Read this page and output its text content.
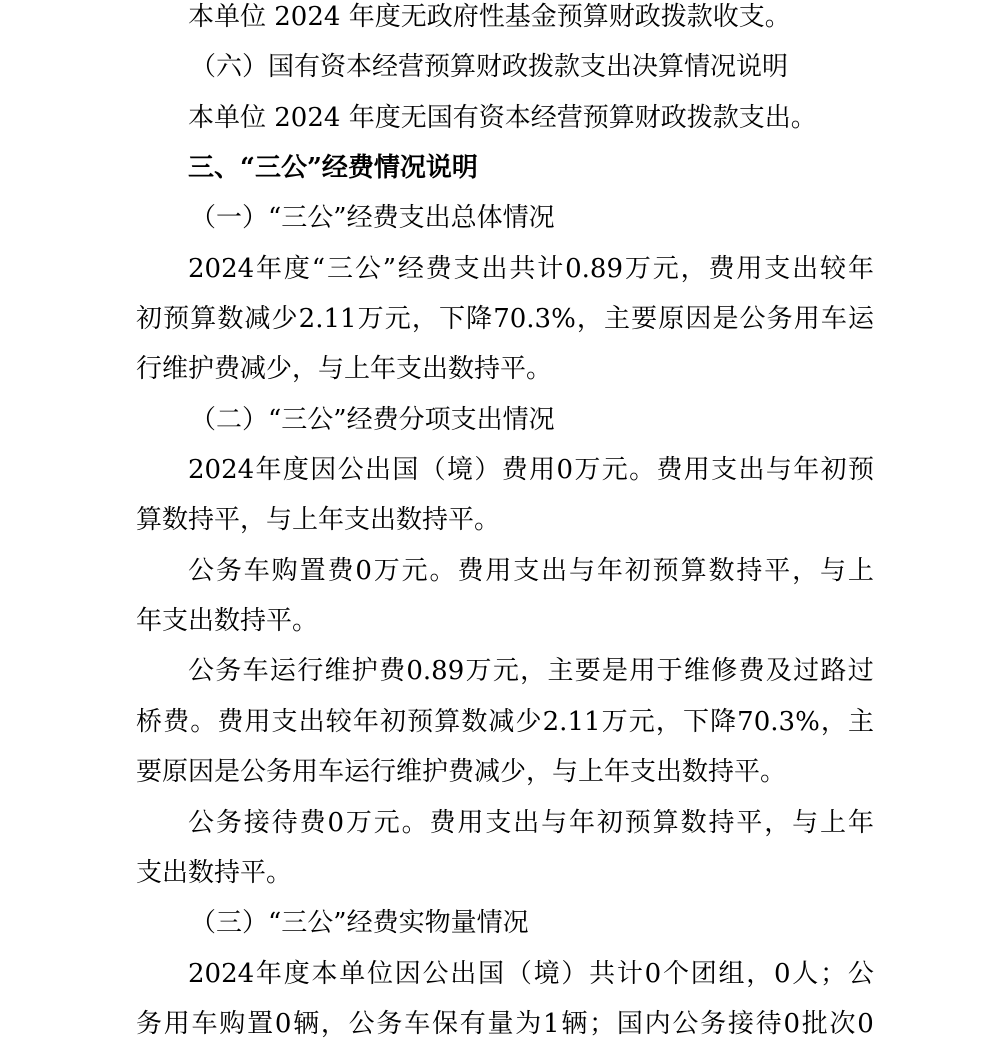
本单位 2024 年度无政府性基金预算财政拨款收支。
（六）国有资本经营预算财政拨款支出决算情况说明
本单位 2024 年度无国有资本经营预算财政拨款支出。
三、“三公”经费情况说明
（一）“三公”经费支出总体情况
2024 年 度 “ 三 公 ” 经 费 支 出 共 计 0.89 万 元 ， 费 用 支 出 较 年
初 预 算 数 减 少 2.11 万 元 ， 下 降 70.3% ， 主 要 原 因 是 公 务 用 车 运
行维护费减少，与上年支出数持平。
（二）“三公”经费分项支出情况
2024 年 度 因 公 出 国 （ 境 ） 费 用 0 万 元 。 费 用 支 出 与 年 初 预
算数持平，与上年支出数持平。
公 务 车 购 置 费 0 万 元 。 费 用 支 出 与 年 初 预 算 数 持 平 ， 与 上
年支出数持平。
公 务 车 运 行 维 护 费 0.89 万 元 ， 主 要 是 用 于 维 修 费 及 过 路 过
桥 费 。 费 用 支 出 较 年 初 预 算 数 减 少 2.11 万 元 ， 下 降 70.3% ， 主
要原因是公务用车运行维护费减少，与上年支出数持平。
公 务 接 待 费 0 万 元 。 费 用 支 出 与 年 初 预 算 数 持 平 ， 与 上 年
支出数持平。
（三）“三公”经费实物量情况
2024 年 度 本 单 位 因 公 出 国 （ 境 ） 共 计 0 个 团 组 ， 0 人 ； 公
务 用 车 购 置 0 辆 ， 公 务 车 保 有 量 为 1 辆 ； 国 内 公 务 接 待 0 批 次 0
